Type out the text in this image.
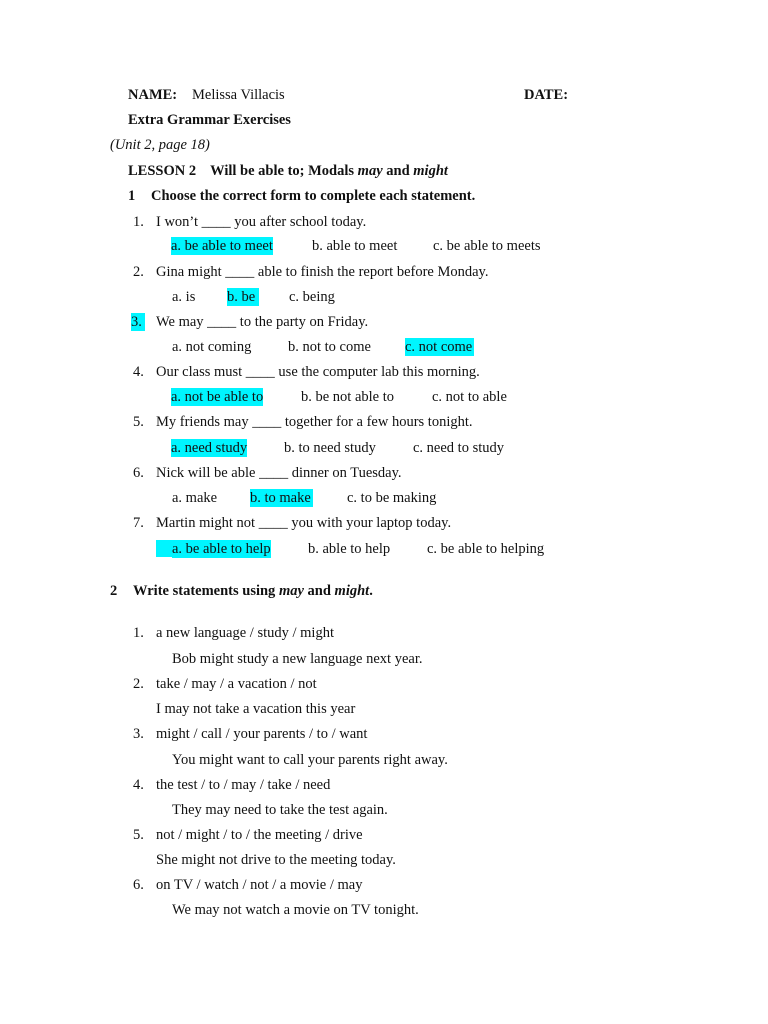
NAME: Melissa Villacis	DATE:
Extra Grammar Exercises
(Unit 2, page 18)
LESSON 2 Will be able to; Modals may and might
1 Choose the correct form to complete each statement.
1. I won’t ____ you after school today.
a. be able to meet	b. able to meet c. be able to meets
2. Gina might ____ able to finish the report before Monday.
a. is b. be c. being
3. We may ____ to the party on Friday.
a. not coming	b. not to come c. not come
4. Our class must ____ use the computer lab this morning.
a. not be able to	b. be not able to	c. not to able
5. My friends may ____ together for a few hours tonight.
a. need study	b. to need study	c. need to study
6. Nick will be able ____ dinner on Tuesday.
a. make b. to make c. to be making
7. Martin might not ____ you with your laptop today.
a. be able to help	b. able to help	c. be able to helping
2 Write statements using may and might.
1. a new language / study / might
Bob might study a new language next year.
2. take / may / a vacation / not
I may not take a vacation this year
3. might / call / your parents / to / want
You might want to call your parents right away.
4. the test / to / may / take / need
They may need to take the test again.
5. not / might / to / the meeting / drive
She might not drive to the meeting today.
6. on TV / watch / not / a movie / may
We may not watch a movie on TV tonight.
